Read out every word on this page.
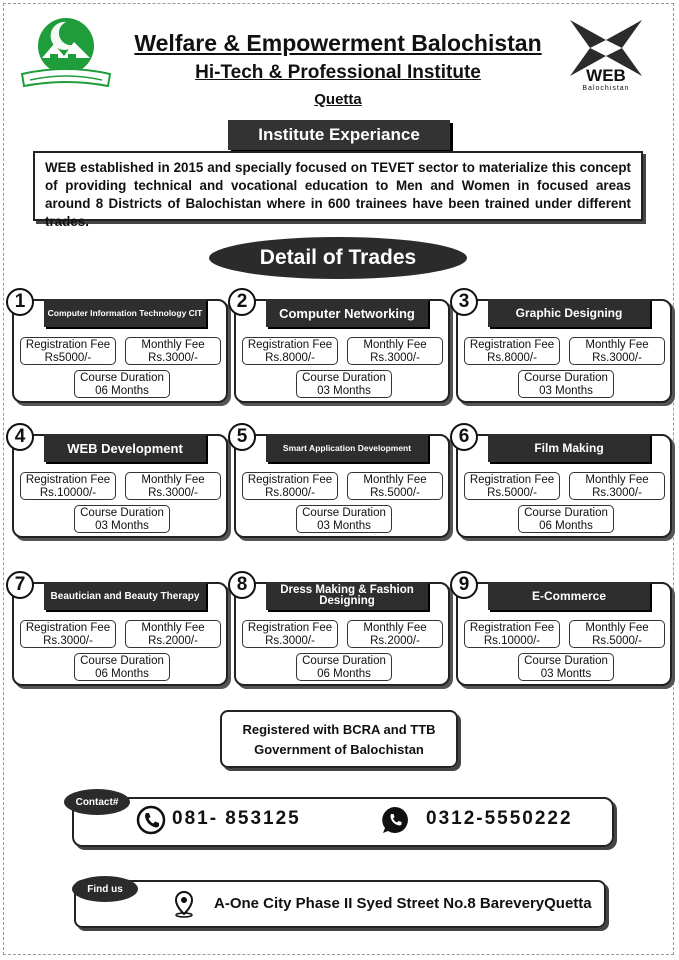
WEB
Balochistan
Welfare & Empowerment Balochistan
Hi-Tech & Professional Institute
Quetta
Institute Experiance
WEB established in 2015 and specially focused on TEVET sector to materialize this concept of providing technical and vocational education to Men and Women in focused areas around 8 Districts of Balochistan where in 600 trainees have been trained under different trades.
Detail of Trades
Computer Information Technology CIT
Registration Fee
Rs5000/-
Monthly Fee
Rs.3000/-
Course Duration
06 Months
1
Computer Networking
Registration Fee
Rs.8000/-
Monthly Fee
Rs.3000/-
Course Duration
03 Months
2
Graphic Designing
Registration Fee
Rs.8000/-
Monthly Fee
Rs.3000/-
Course Duration
03 Months
3
WEB Development
Registration Fee
Rs.10000/-
Monthly Fee
Rs.3000/-
Course Duration
03 Months
4
Smart Application Development
Registration Fee
Rs.8000/-
Monthly Fee
Rs.5000/-
Course Duration
03 Months
5
Film Making
Registration Fee
Rs.5000/-
Monthly Fee
Rs.3000/-
Course Duration
06 Months
6
Beautician and Beauty Therapy
Registration Fee
Rs.3000/-
Monthly Fee
Rs.2000/-
Course Duration
06 Months
7	Dress Making & Fashion Designing
Registration Fee
Rs.3000/-
Monthly Fee
Rs.2000/-
Course Duration
06 Months
8
E-Commerce
Registration Fee
Rs.10000/-
Monthly Fee
Rs.5000/-
Course Duration
03 Montts
9
Registered with BCRA and TTB
Government of Balochistan
Contact#
081- 853125	0312-5550222
Find us
A-One City Phase II Syed Street No.8 BareveryQuetta
